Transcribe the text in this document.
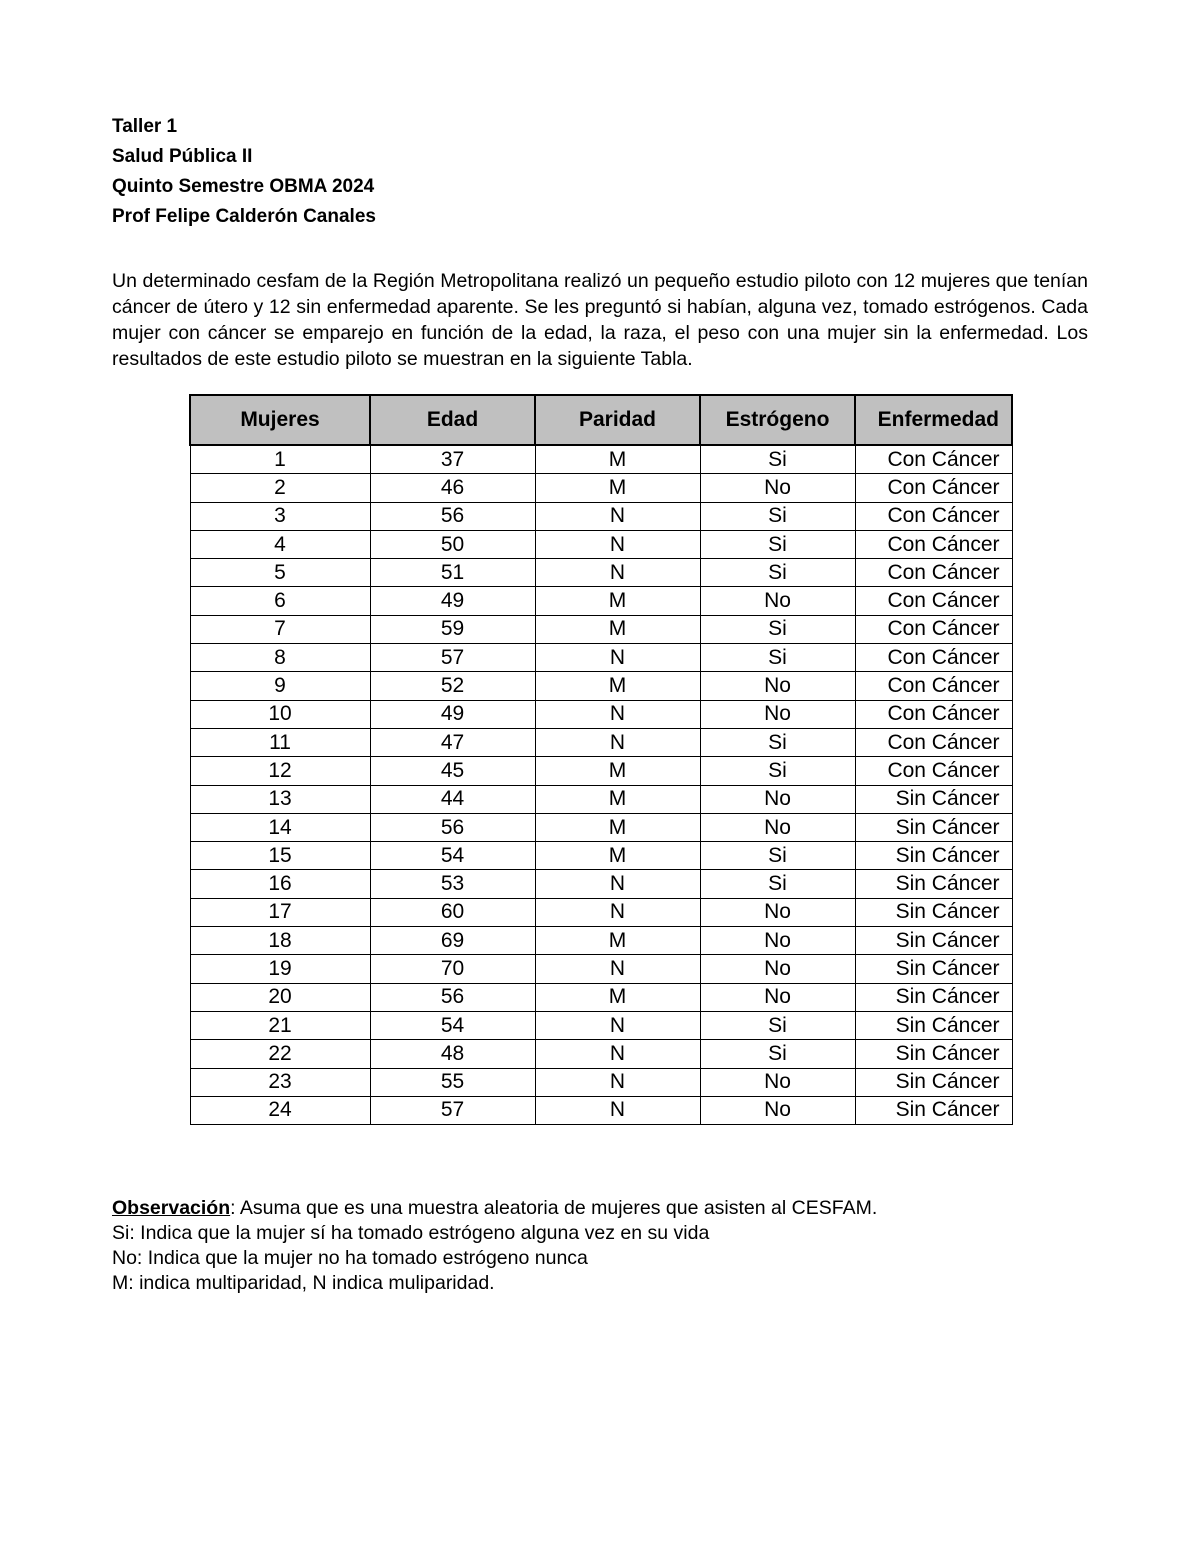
Taller 1
Salud Pública II
Quinto Semestre OBMA 2024
Prof Felipe Calderón Canales

Un determinado cesfam de la Región Metropolitana realizó un pequeño estudio piloto con 12 mujeres que tenían cáncer de útero y 12 sin enfermedad aparente. Se les preguntó si habían, alguna vez, tomado estrógenos. Cada mujer con cáncer se emparejo en función de la edad, la raza, el peso con una mujer sin la enfermedad. Los resultados de este estudio piloto se muestran en la siguiente Tabla.

Mujeres	Edad	Paridad	Estrógeno	Enfermedad
1	37	M	Si	Con Cáncer
2	46	M	No	Con Cáncer
3	56	N	Si	Con Cáncer
4	50	N	Si	Con Cáncer
5	51	N	Si	Con Cáncer
6	49	M	No	Con Cáncer
7	59	M	Si	Con Cáncer
8	57	N	Si	Con Cáncer
9	52	M	No	Con Cáncer
10	49	N	No	Con Cáncer
11	47	N	Si	Con Cáncer
12	45	M	Si	Con Cáncer
13	44	M	No	Sin Cáncer
14	56	M	No	Sin Cáncer
15	54	M	Si	Sin Cáncer
16	53	N	Si	Sin Cáncer
17	60	N	No	Sin Cáncer
18	69	M	No	Sin Cáncer
19	70	N	No	Sin Cáncer
20	56	M	No	Sin Cáncer
21	54	N	Si	Sin Cáncer
22	48	N	Si	Sin Cáncer
23	55	N	No	Sin Cáncer
24	57	N	No	Sin Cáncer
Observación: Asuma que es una muestra aleatoria de mujeres que asisten al CESFAM.
Si: Indica que la mujer sí ha tomado estrógeno alguna vez en su vida
No: Indica que la mujer no ha tomado estrógeno nunca
M: indica multiparidad, N indica muliparidad.
